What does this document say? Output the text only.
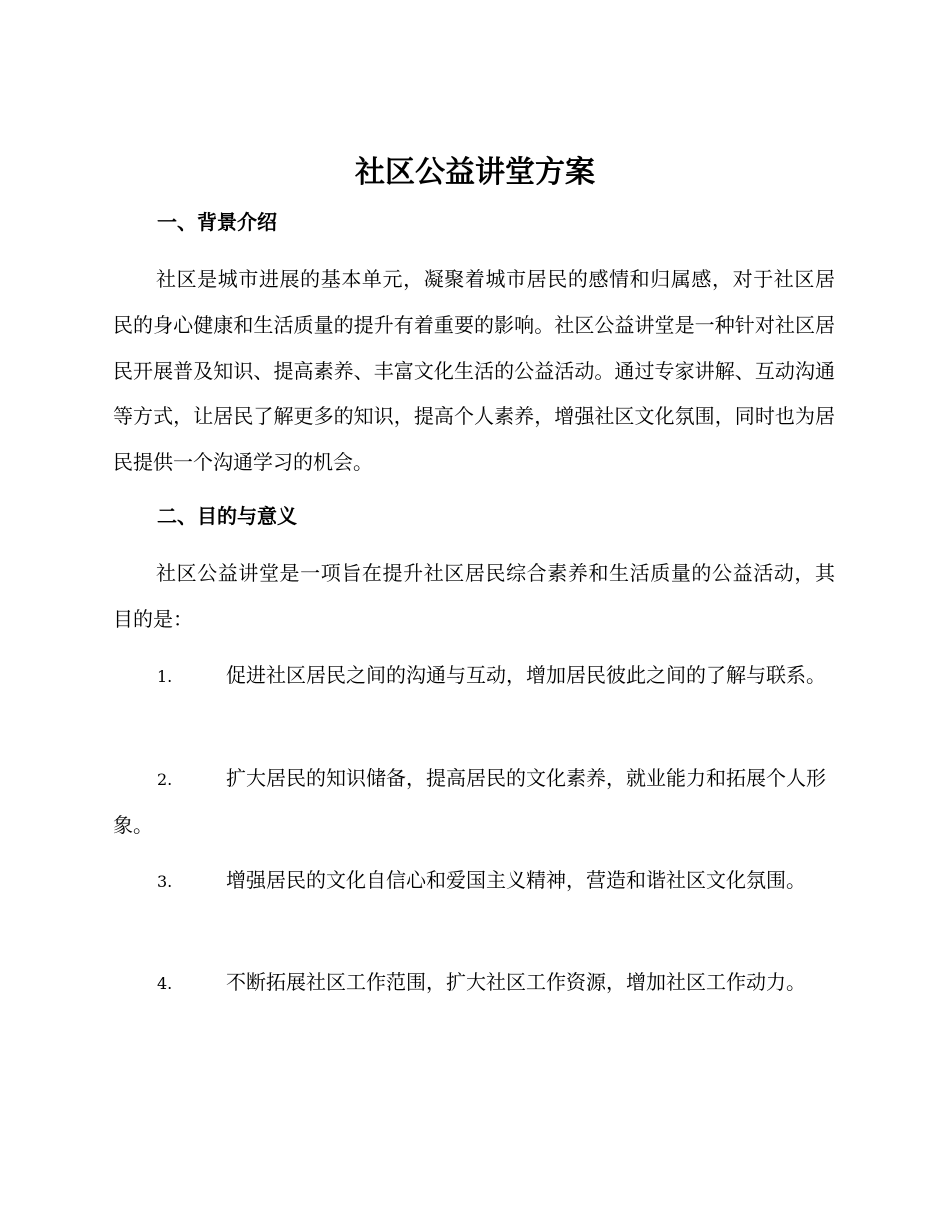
社区公益讲堂方案
一、背景介绍

社区是城市进展的基本单元，凝聚着城市居民的感情和归属感，对于社区居民的身心健康和生活质量的提升有着重要的影响。社区公益讲堂是一种针对社区居民开展普及知识、提高素养、丰富文化生活的公益活动。通过专家讲解、互动沟通等方式，让居民了解更多的知识，提高个人素养，增强社区文化氛围，同时也为居民提供一个沟通学习的机会。

二、目的与意义

社区公益讲堂是一项旨在提升社区居民综合素养和生活质量的公益活动，其目的是：

1.	促进社区居民之间的沟通与互动，增加居民彼此之间的了解与联系。

2.	扩大居民的知识储备，提高居民的文化素养，就业能力和拓展个人形象。

3.	增强居民的文化自信心和爱国主义精神，营造和谐社区文化氛围。

4.	不断拓展社区工作范围，扩大社区工作资源，增加社区工作动力。
